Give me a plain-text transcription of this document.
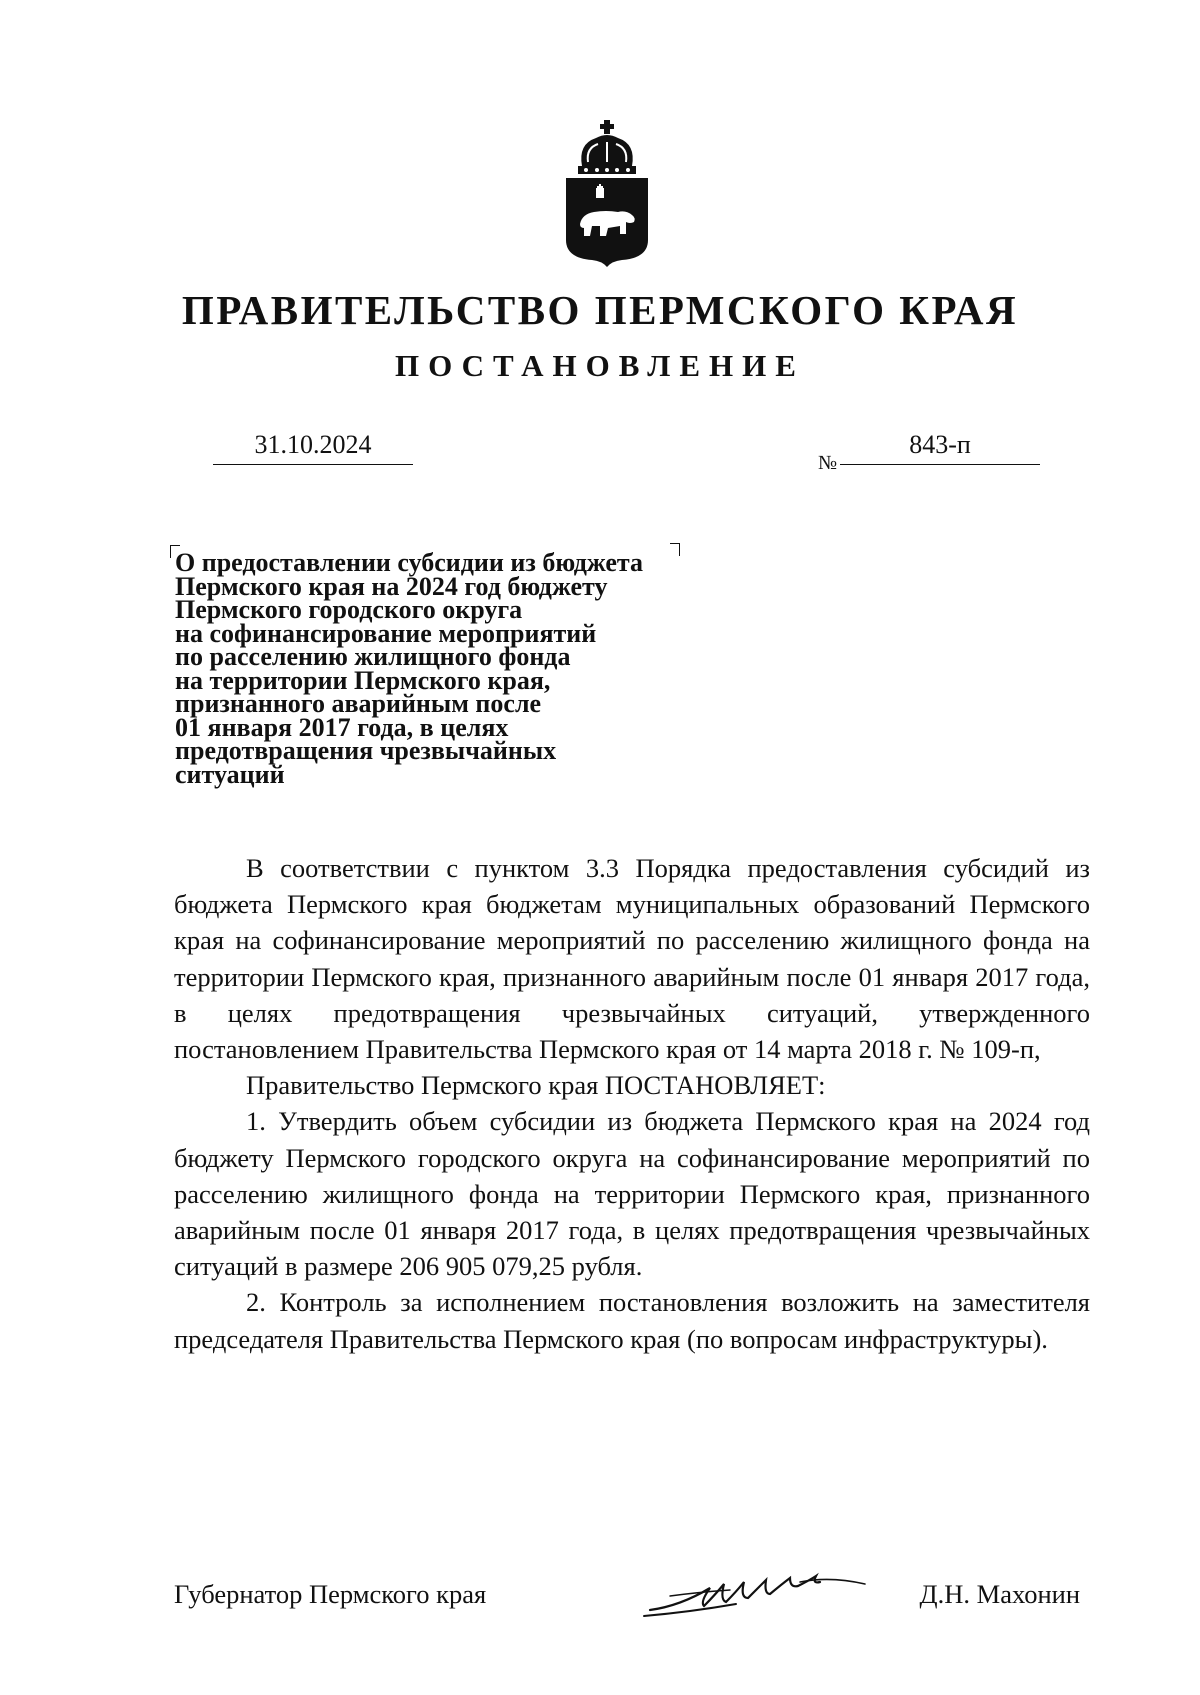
ПРАВИТЕЛЬСТВО ПЕРМСКОГО КРАЯ
ПОСТАНОВЛЕНИЕ
31.10.2024
№
843-п
О предоставлении субсидии из бюджета
Пермского края на 2024 год бюджету
Пермского городского округа
на софинансирование мероприятий
по расселению жилищного фонда
на территории Пермского края,
признанного аварийным после
01 января 2017 года, в целях
предотвращения чрезвычайных
ситуаций

В соответствии с пунктом 3.3 Порядка предоставления субсидий из бюджета Пермского края бюджетам муниципальных образований Пермского края на софинансирование мероприятий по расселению жилищного фонда на территории Пермского края, признанного аварийным после 01 января 2017 года, в целях предотвращения чрезвычайных ситуаций, утвержденного постановлением Правительства Пермского края от 14 марта 2018 г. № 109-п,

Правительство Пермского края ПОСТАНОВЛЯЕТ:

1. Утвердить объем субсидии из бюджета Пермского края на 2024 год бюджету Пермского городского округа на софинансирование мероприятий по расселению жилищного фонда на территории Пермского края, признанного аварийным после 01 января 2017 года, в целях предотвращения чрезвычайных ситуаций в размере 206 905 079,25 рубля.

2. Контроль за исполнением постановления возложить на заместителя председателя Правительства Пермского края (по вопросам инфраструктуры).

Губернатор Пермского края	Д.Н. Махонин
